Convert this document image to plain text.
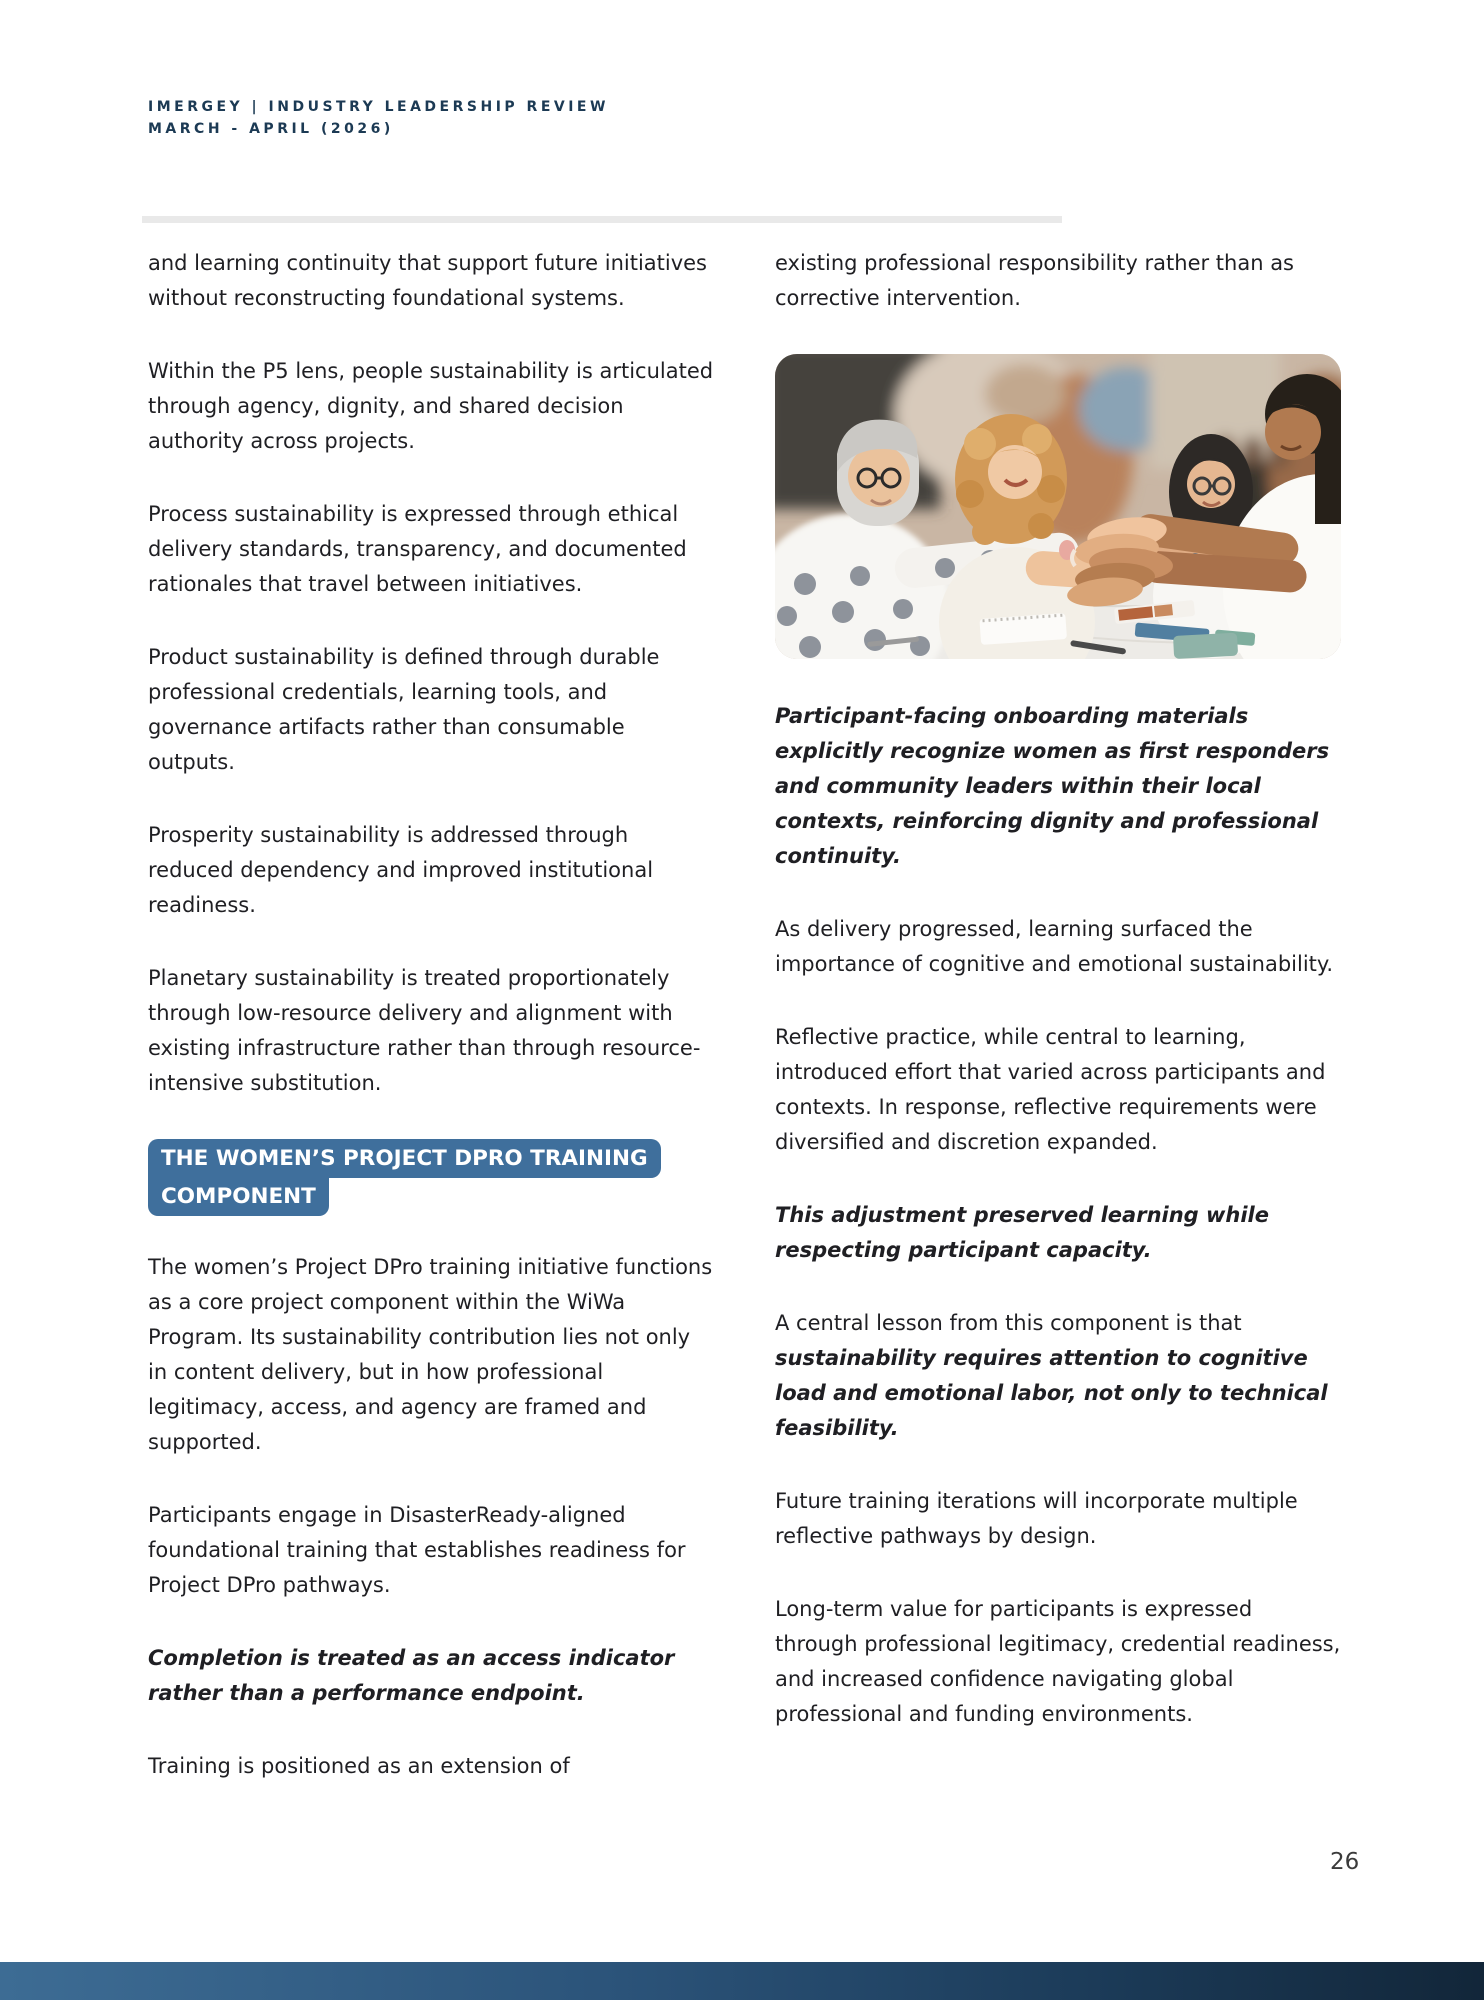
IMERGEY | INDUSTRY LEADERSHIP REVIEW
MARCH - APRIL (2026)

and learning continuity that support future initiatives without reconstructing foundational systems.

Within the P5 lens, people sustainability is articulated through agency, dignity, and shared decision authority across projects.

Process sustainability is expressed through ethical delivery standards, transparency, and documented rationales that travel between initiatives.

Product sustainability is defined through durable professional credentials, learning tools, and governance artifacts rather than consumable outputs.

Prosperity sustainability is addressed through reduced dependency and improved institutional readiness.

Planetary sustainability is treated proportionately through low-resource delivery and alignment with existing infrastructure rather than through resource-intensive substitution.

THE WOMEN’S PROJECT DPRO TRAINING
COMPONENT

The women’s Project DPro training initiative functions as a core project component within the WiWa Program. Its sustainability contribution lies not only in content delivery, but in how professional legitimacy, access, and agency are framed and supported.

Participants engage in DisasterReady-aligned foundational training that establishes readiness for Project DPro pathways.

Completion is treated as an access indicator rather than a performance endpoint.

Training is positioned as an extension of

existing professional responsibility rather than as corrective intervention.

Participant-facing onboarding materials explicitly recognize women as first responders and community leaders within their local contexts, reinforcing dignity and professional continuity.

As delivery progressed, learning surfaced the importance of cognitive and emotional sustainability.

Reflective practice, while central to learning, introduced effort that varied across participants and contexts. In response, reflective requirements were diversified and discretion expanded.

This adjustment preserved learning while respecting participant capacity.

A central lesson from this component is that sustainability requires attention to cognitive load and emotional labor, not only to technical feasibility.

Future training iterations will incorporate multiple reflective pathways by design.

Long-term value for participants is expressed through professional legitimacy, credential readiness, and increased confidence navigating global professional and funding environments.

26
